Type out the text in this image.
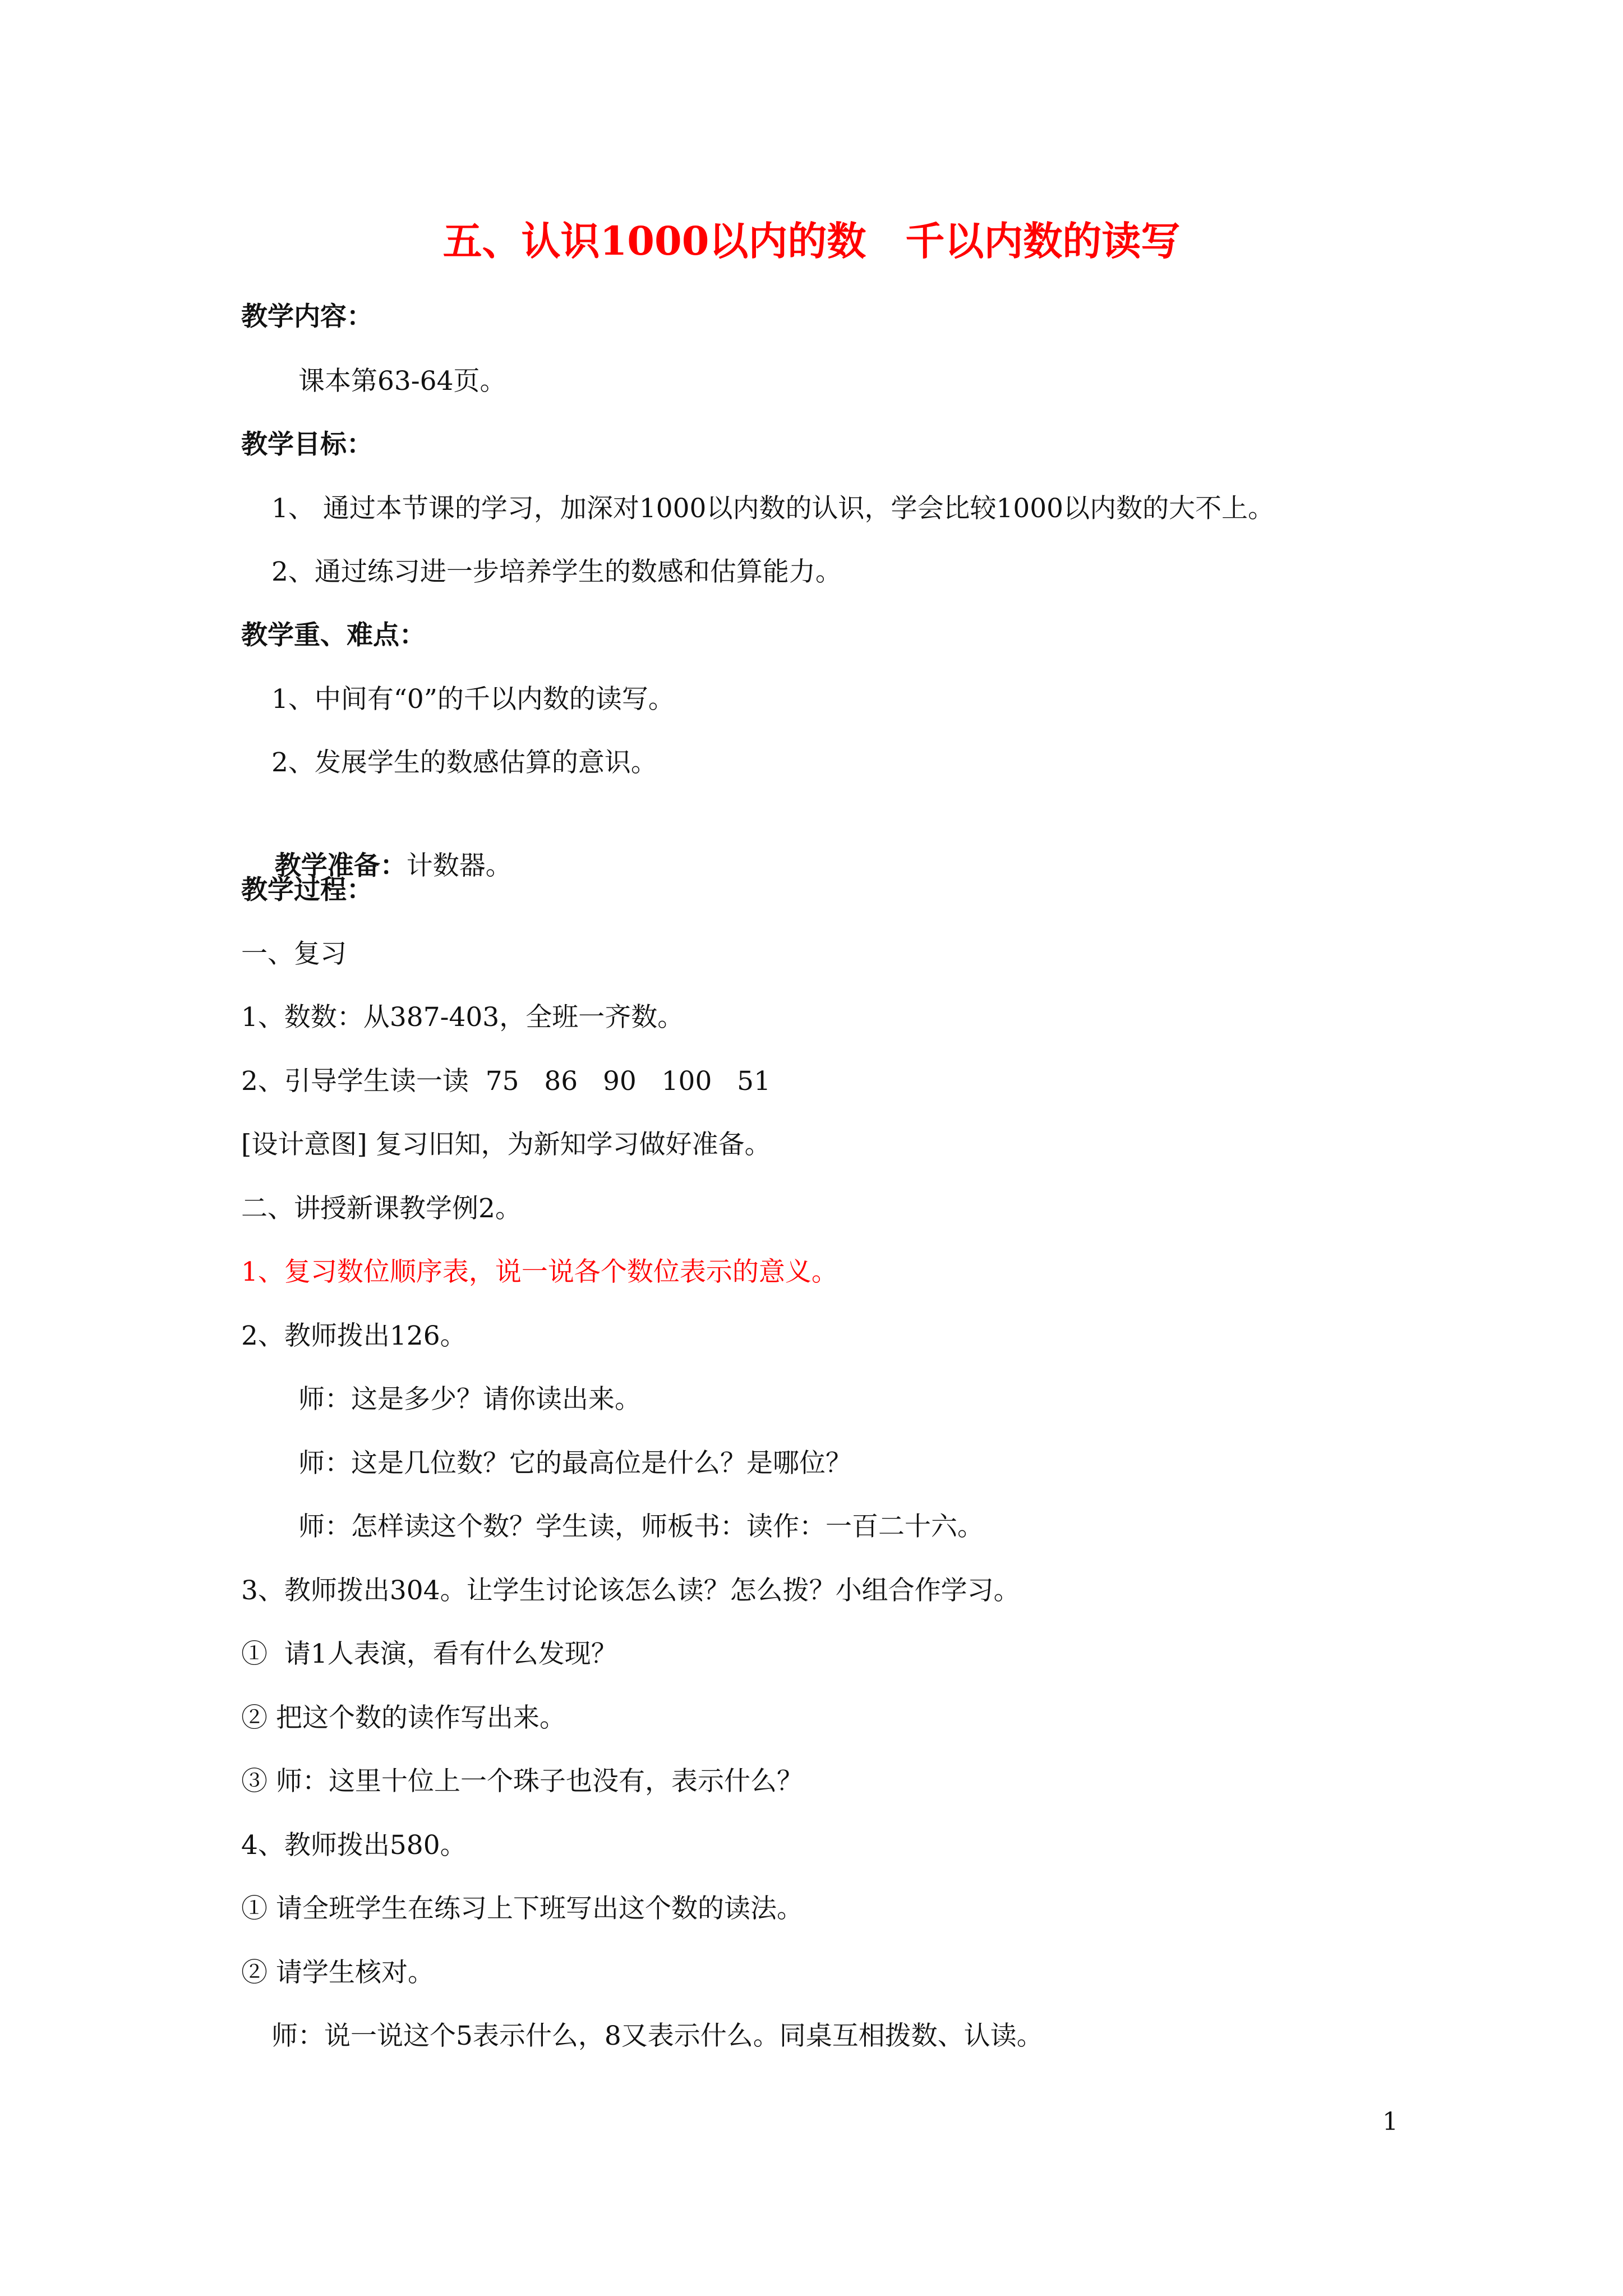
五、认识1000以内的数　千以内数的读写
教学内容：
课本第63-64页。
教学目标：
1、 通过本节课的学习，加深对1000以内数的认识，学会比较1000以内数的大不上。
2、通过练习进一步培养学生的数感和估算能力。
教学重、难点：
1、中间有“0”的千以内数的读写。
2、发展学生的数感估算的意识。

教学准备：计数器。

教学过程：
一、复习
1、数数：从387-403，全班一齐数。
2、引导学生读一读  75   86   90   100   51
[设计意图] 复习旧知，为新知学习做好准备。
二、讲授新课教学例2。
1、复习数位顺序表，说一说各个数位表示的意义。
2、教师拨出126。
师：这是多少？请你读出来。
师：这是几位数？它的最高位是什么？是哪位？
师：怎样读这个数？学生读，师板书：读作：一百二十六。
3、教师拨出304。让学生讨论该怎么读？怎么拨？小组合作学习。
①  请1人表演，看有什么发现？
② 把这个数的读作写出来。
③ 师：这里十位上一个珠子也没有，表示什么？
4、教师拨出580。
① 请全班学生在练习上下班写出这个数的读法。
② 请学生核对。
师：说一说这个5表示什么，8又表示什么。同桌互相拨数、认读。
1
